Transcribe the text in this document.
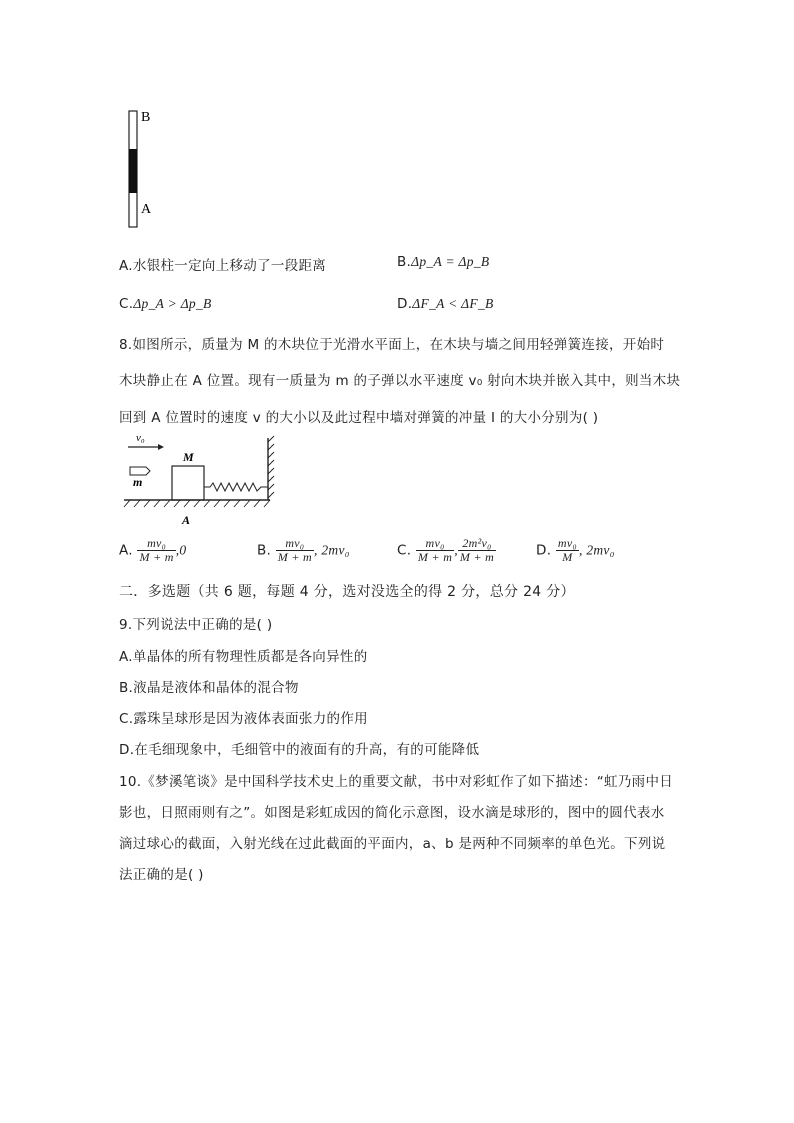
B
A
A.水银柱一定向上移动了一段距离	B.Δp_A = Δp_B
C.Δp_A > Δp_B	D.ΔF_A < ΔF_B
8.如图所示，质量为 M 的木块位于光滑水平面上，在木块与墙之间用轻弹簧连接，开始时
木块静止在 A 位置。现有一质量为 m 的子弹以水平速度 v₀ 射向木块并嵌入其中，则当木块
回到 A 位置时的速度 v 的大小以及此过程中墙对弹簧的冲量 I 的大小分别为( )
v₀
m
M
A
A. $\frac{\text{mv₀}}{M + m} ,0$	B. $\frac{\text{mv₀}}{M + m}$ , 2mv₀	C. $\frac{\text{mv₀}}{M + m}$ , $\frac{\text{2m²v₀}}{M + m}$	D. $\frac{\text{mv₀}}{M}$ , 2mv₀
二．多选题（共 6 题，每题 4 分，选对没选全的得 2 分，总分 24 分）
9.下列说法中正确的是( )
A.单晶体的所有物理性质都是各向异性的
B.液晶是液体和晶体的混合物
C.露珠呈球形是因为液体表面张力的作用
D.在毛细现象中，毛细管中的液面有的升高，有的可能降低
10.《梦溪笔谈》是中国科学技术史上的重要文献，书中对彩虹作了如下描述：“虹乃雨中日
影也，日照雨则有之”。如图是彩虹成因的简化示意图，设水滴是球形的，图中的圆代表水
滴过球心的截面，入射光线在过此截面的平面内，a、b 是两种不同频率的单色光。下列说
法正确的是( )
